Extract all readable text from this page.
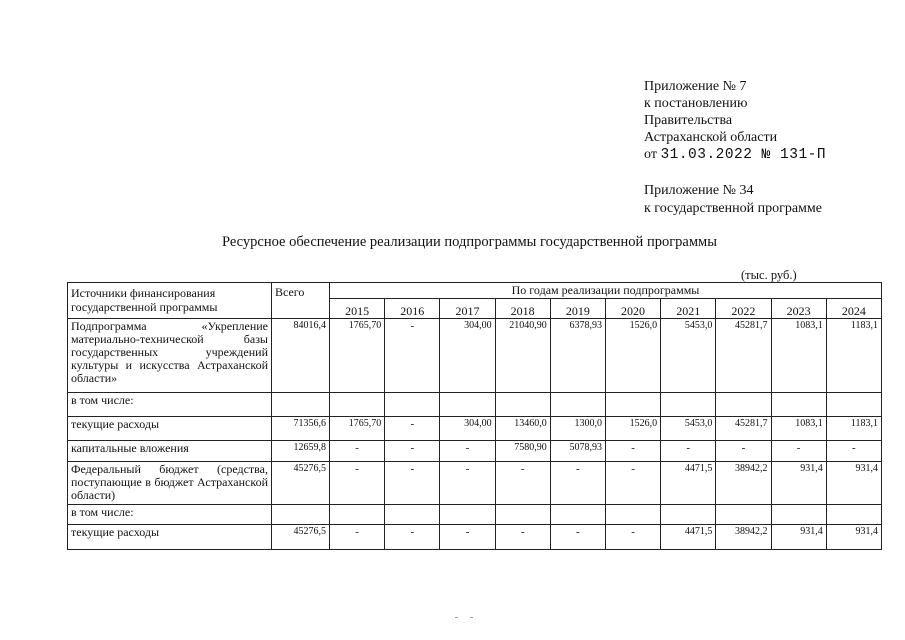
Приложение № 7
к постановлению
Правительства
Астраханской области
от 31.03.2022 № 131-П
Приложение № 34
к государственной программе
Ресурсное обеспечение реализации подпрограммы государственной программы
(тыс. руб.)
Источники финансирования государственной программы	Всего	По годам реализации подпрограммы									
		2015	2016	2017	2018	2019	2020	2021	2022	2023	2024
Подпрограмма «Укрепление материально-технической базы государственных учреждений культуры и искусства Астраханской области»	84016,4	1765,70	-	304,00	21040,90	6378,93	1526,0	5453,0	45281,7	1083,1	1183,1
в том числе:											
текущие расходы	71356,6	1765,70	-	304,00	13460,0	1300,0	1526,0	5453,0	45281,7	1083,1	1183,1
капитальные вложения	12659,8	-	-	-	7580,90	5078,93	-	-	-	-	-
Федеральный бюджет (средства, поступающие в бюджет Астраханской области)	45276,5	-	-	-	-	-	-	4471,5	38942,2	931,4	931,4
в том числе:											
текущие расходы	45276,5	-	-	-	-	-	-	4471,5	38942,2	931,4	931,4
